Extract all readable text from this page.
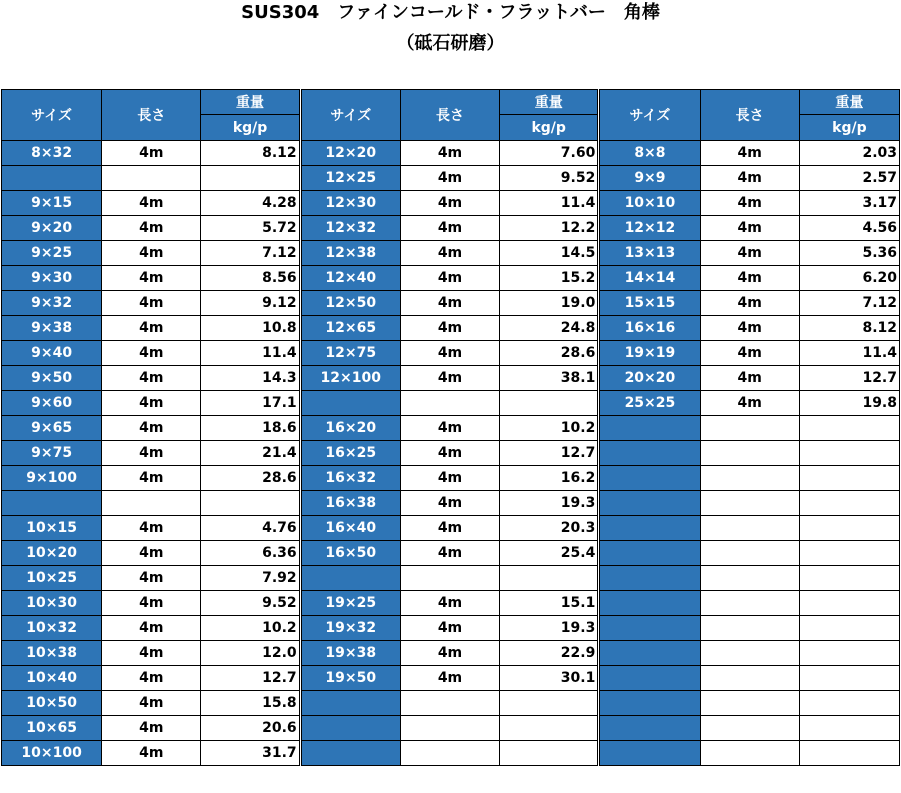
SUS304　ファインコールド・フラットバー　角棒
（砥石研磨）
サイズ	長さ	重量	サイズ	長さ	重量	サイズ	長さ	重量
		kg/p			kg/p			kg/p
8×32	4m	8.12	12×20	4m	7.60	8×8	4m	2.03
			12×25	4m	9.52	9×9	4m	2.57
9×15	4m	4.28	12×30	4m	11.4	10×10	4m	3.17
9×20	4m	5.72	12×32	4m	12.2	12×12	4m	4.56
9×25	4m	7.12	12×38	4m	14.5	13×13	4m	5.36
9×30	4m	8.56	12×40	4m	15.2	14×14	4m	6.20
9×32	4m	9.12	12×50	4m	19.0	15×15	4m	7.12
9×38	4m	10.8	12×65	4m	24.8	16×16	4m	8.12
9×40	4m	11.4	12×75	4m	28.6	19×19	4m	11.4
9×50	4m	14.3	12×100	4m	38.1	20×20	4m	12.7
9×60	4m	17.1				25×25	4m	19.8
9×65	4m	18.6	16×20	4m	10.2			
9×75	4m	21.4	16×25	4m	12.7			
9×100	4m	28.6	16×32	4m	16.2			
			16×38	4m	19.3			
10×15	4m	4.76	16×40	4m	20.3			
10×20	4m	6.36	16×50	4m	25.4			
10×25	4m	7.92						
10×30	4m	9.52	19×25	4m	15.1			
10×32	4m	10.2	19×32	4m	19.3			
10×38	4m	12.0	19×38	4m	22.9			
10×40	4m	12.7	19×50	4m	30.1			
10×50	4m	15.8						
10×65	4m	20.6						
10×100	4m	31.7						
